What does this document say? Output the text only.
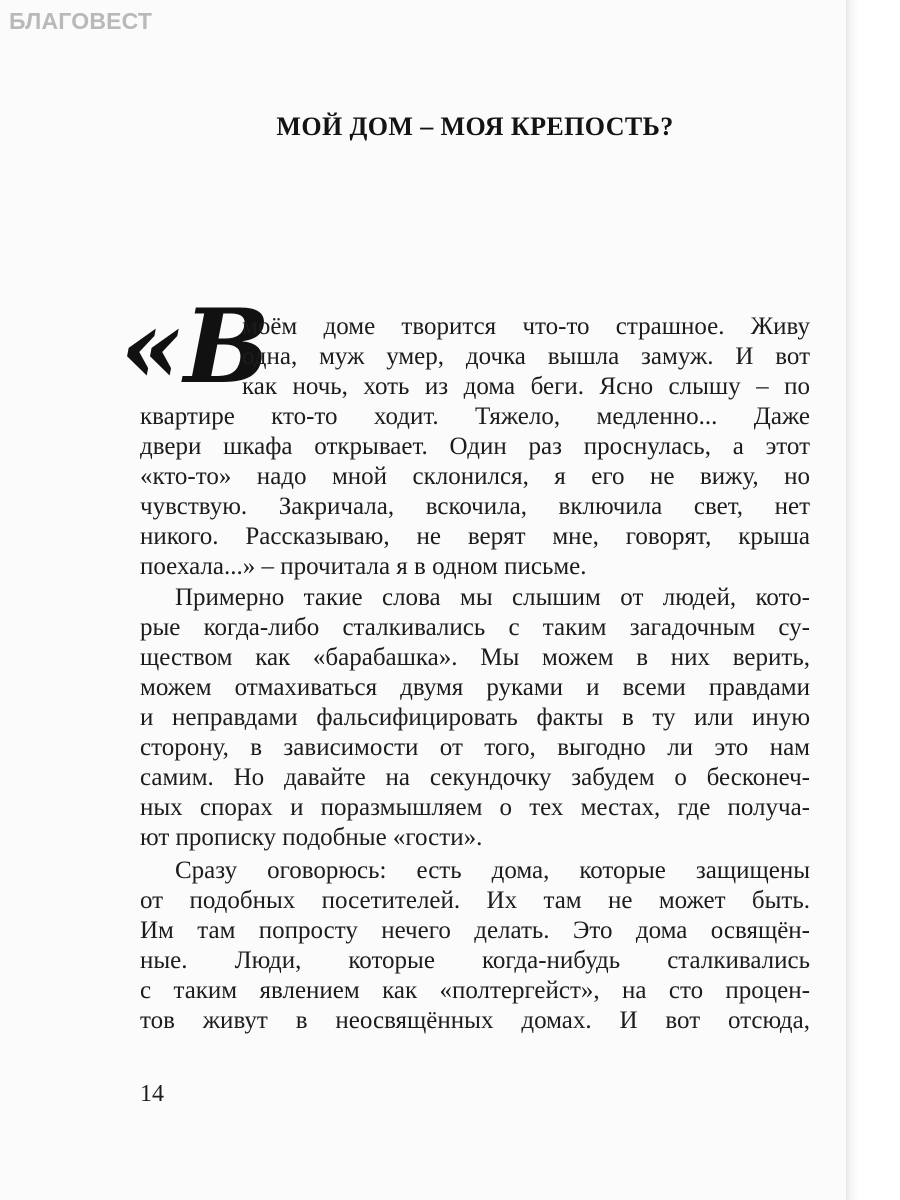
БЛАГОВЕСТ
МОЙ ДОМ – МОЯ КРЕПОСТЬ?
«В
моём доме творится что-то страшное. Живу
одна, муж умер, дочка вышла замуж. И вот
как ночь, хоть из дома беги. Ясно слышу – по
квартире кто-то ходит. Тяжело, медленно... Даже
двери шкафа открывает. Один раз проснулась, а этот
«кто-то» надо мной склонился, я его не вижу, но
чувствую. Закричала, вскочила, включила свет, нет
никого. Рассказываю, не верят мне, говорят, крыша
поехала...» – прочитала я в одном письме.
Примерно такие слова мы слышим от людей, кото-
рые когда-либо сталкивались с таким загадочным су-
ществом как «барабашка». Мы можем в них верить,
можем отмахиваться двумя руками и всеми правдами
и неправдами фальсифицировать факты в ту или иную
сторону, в зависимости от того, выгодно ли это нам
самим. Но давайте на секундочку забудем о бесконеч-
ных спорах и поразмышляем о тех местах, где получа-
ют прописку подобные «гости».
Сразу оговорюсь: есть дома, которые защищены
от подобных посетителей. Их там не может быть.
Им там попросту нечего делать. Это дома освящён-
ные. Люди, которые когда-нибудь сталкивались
с таким явлением как «полтергейст», на сто процен-
тов живут в неосвящённых домах. И вот отсюда,
14
